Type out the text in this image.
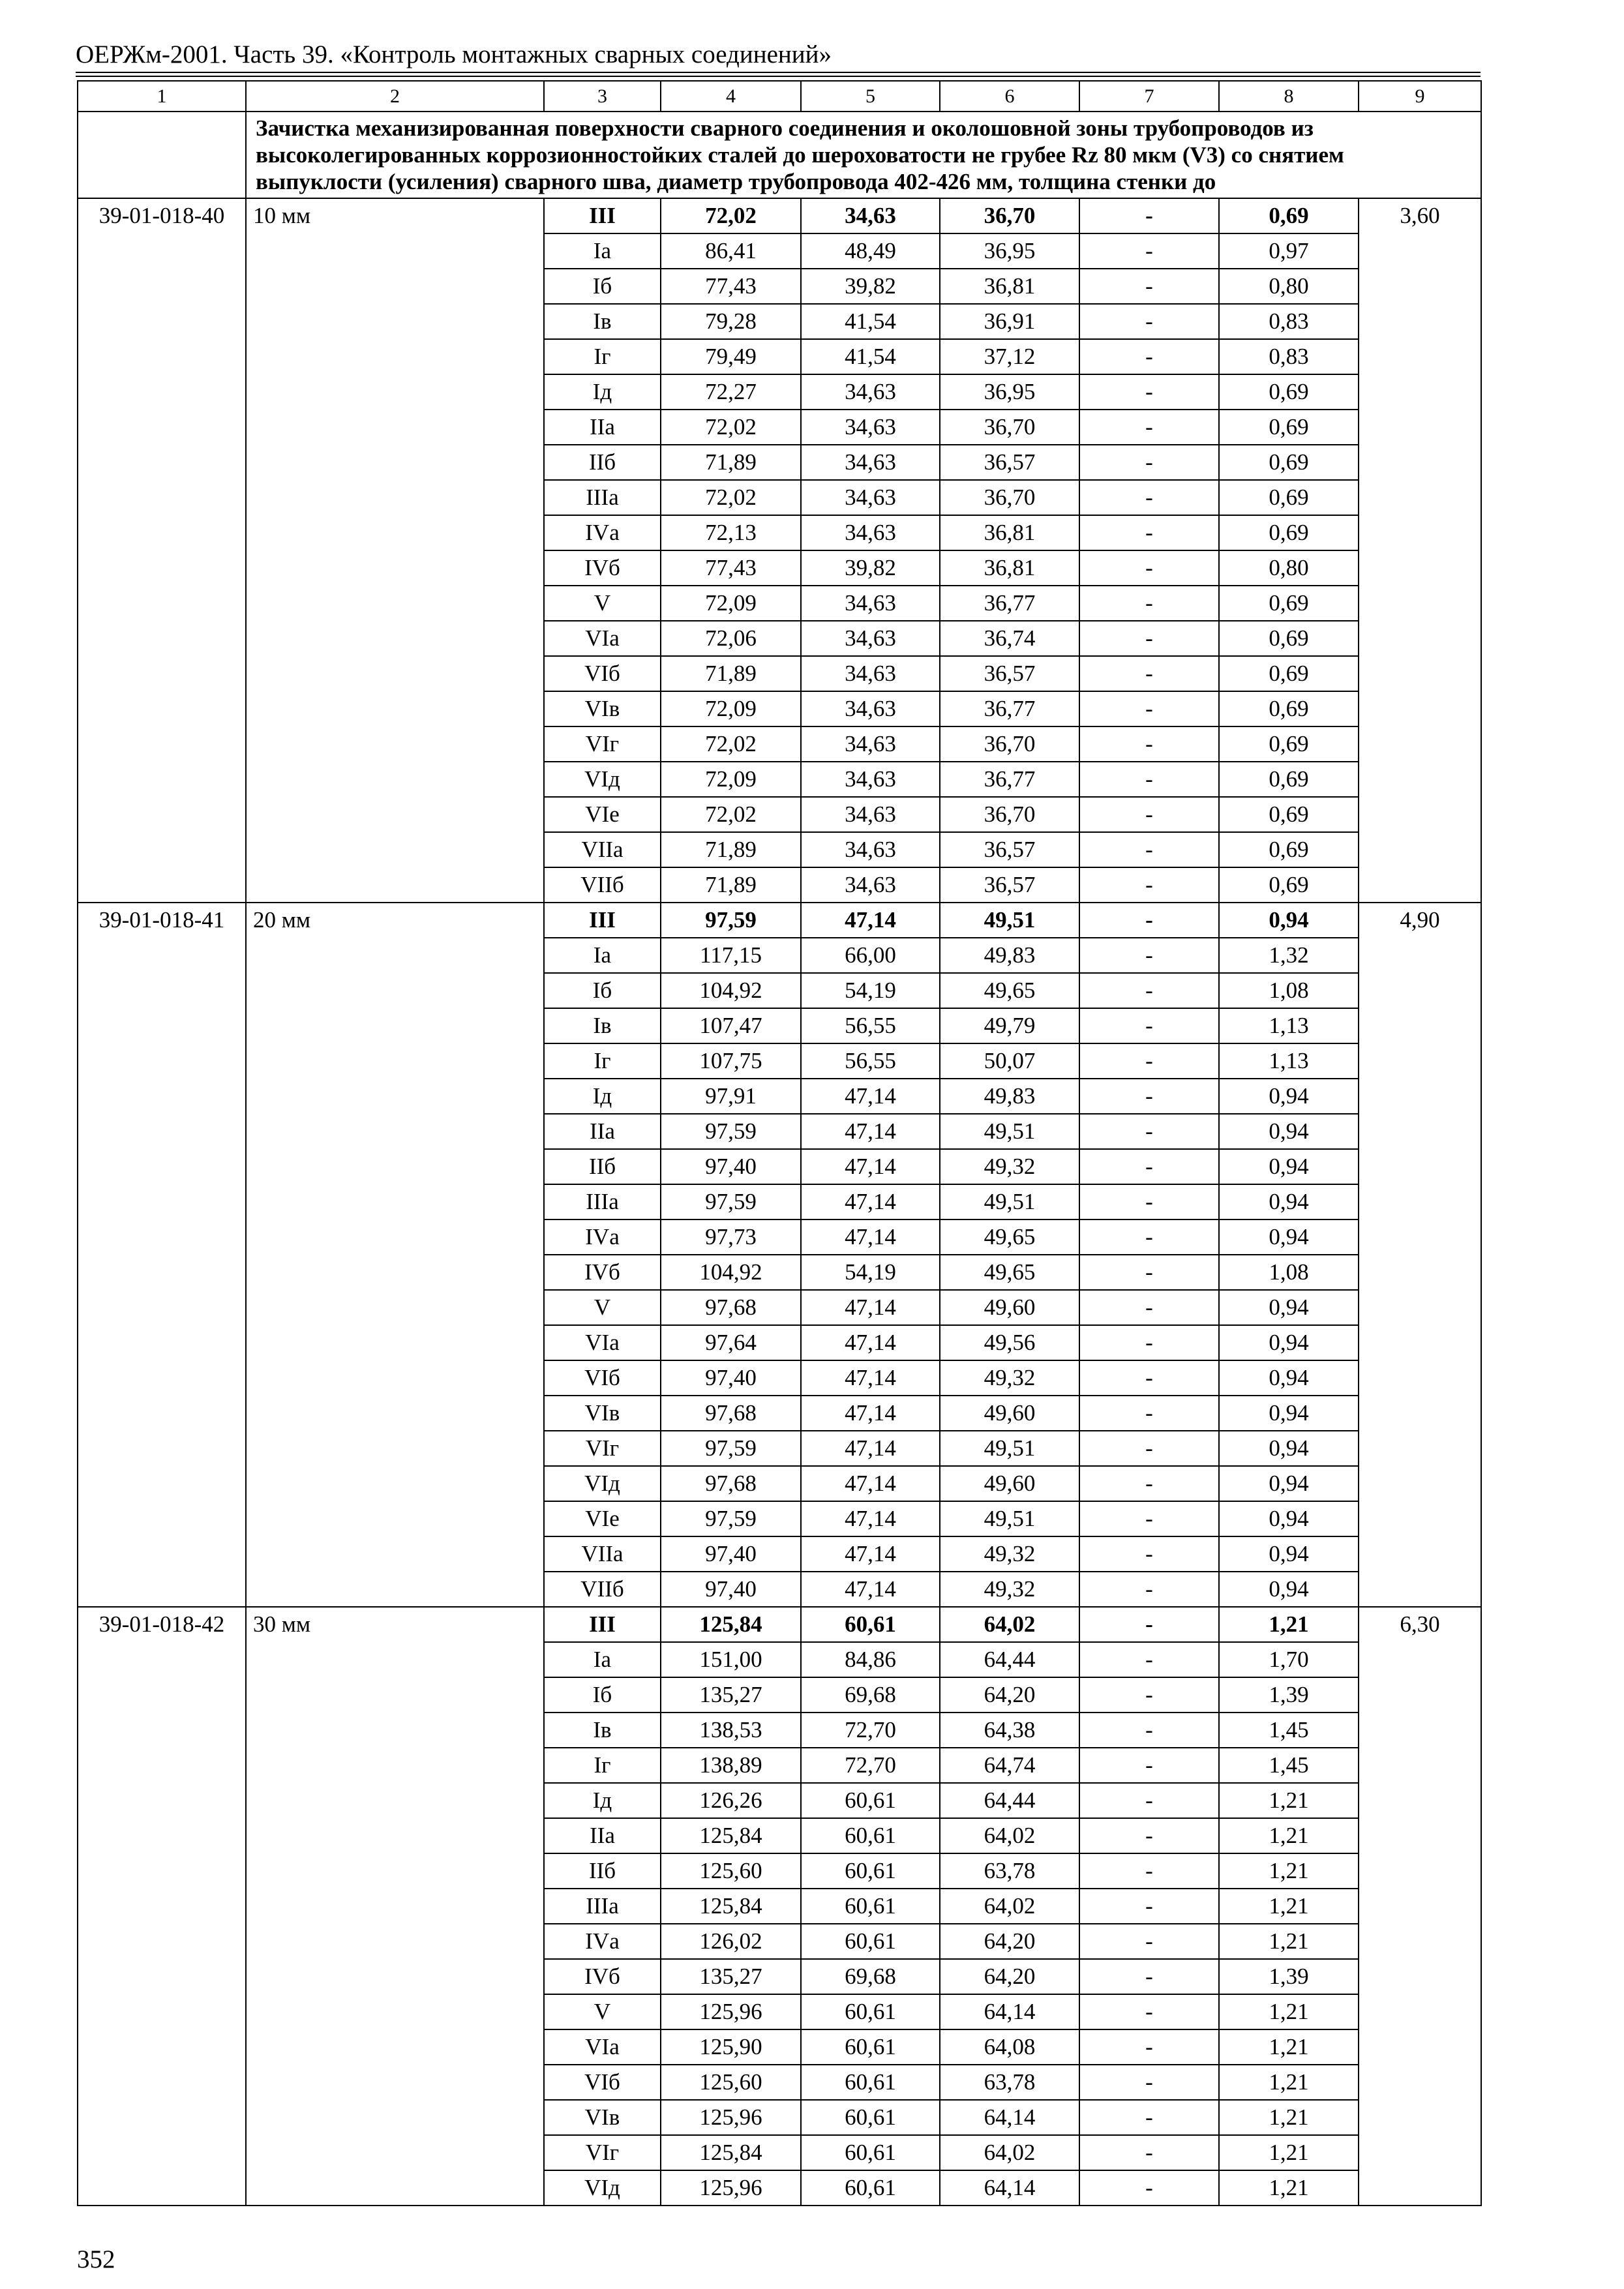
ОЕРЖм-2001. Часть 39. «Контроль монтажных сварных соединений»
1	2	3	4	5	6	7	8	9
	Зачистка механизированная поверхности сварного соединения и околошовной зоны трубопроводов из высоколегированных коррозионностойких сталей до шероховатости не грубее Rz 80 мкм (V3) со снятием выпуклости (усиления) сварного шва, диаметр трубопровода 402-426 мм, толщина стенки до							
39-01-018-40	10 мм	III	72,02	34,63	36,70	-	0,69	3,60
		Iа	86,41	48,49	36,95	-	0,97	
		Iб	77,43	39,82	36,81	-	0,80	
		Iв	79,28	41,54	36,91	-	0,83	
		Iг	79,49	41,54	37,12	-	0,83	
		Iд	72,27	34,63	36,95	-	0,69	
		IIа	72,02	34,63	36,70	-	0,69	
		IIб	71,89	34,63	36,57	-	0,69	
		IIIа	72,02	34,63	36,70	-	0,69	
		IVа	72,13	34,63	36,81	-	0,69	
		IVб	77,43	39,82	36,81	-	0,80	
		V	72,09	34,63	36,77	-	0,69	
		VIа	72,06	34,63	36,74	-	0,69	
		VIб	71,89	34,63	36,57	-	0,69	
		VIв	72,09	34,63	36,77	-	0,69	
		VIг	72,02	34,63	36,70	-	0,69	
		VIд	72,09	34,63	36,77	-	0,69	
		VIе	72,02	34,63	36,70	-	0,69	
		VIIа	71,89	34,63	36,57	-	0,69	
		VIIб	71,89	34,63	36,57	-	0,69	
39-01-018-41	20 мм	III	97,59	47,14	49,51	-	0,94	4,90
		Iа	117,15	66,00	49,83	-	1,32	
		Iб	104,92	54,19	49,65	-	1,08	
		Iв	107,47	56,55	49,79	-	1,13	
		Iг	107,75	56,55	50,07	-	1,13	
		Iд	97,91	47,14	49,83	-	0,94	
		IIа	97,59	47,14	49,51	-	0,94	
		IIб	97,40	47,14	49,32	-	0,94	
		IIIа	97,59	47,14	49,51	-	0,94	
		IVа	97,73	47,14	49,65	-	0,94	
		IVб	104,92	54,19	49,65	-	1,08	
		V	97,68	47,14	49,60	-	0,94	
		VIа	97,64	47,14	49,56	-	0,94	
		VIб	97,40	47,14	49,32	-	0,94	
		VIв	97,68	47,14	49,60	-	0,94	
		VIг	97,59	47,14	49,51	-	0,94	
		VIд	97,68	47,14	49,60	-	0,94	
		VIе	97,59	47,14	49,51	-	0,94	
		VIIа	97,40	47,14	49,32	-	0,94	
		VIIб	97,40	47,14	49,32	-	0,94	
39-01-018-42	30 мм	III	125,84	60,61	64,02	-	1,21	6,30
		Iа	151,00	84,86	64,44	-	1,70	
		Iб	135,27	69,68	64,20	-	1,39	
		Iв	138,53	72,70	64,38	-	1,45	
		Iг	138,89	72,70	64,74	-	1,45	
		Iд	126,26	60,61	64,44	-	1,21	
		IIа	125,84	60,61	64,02	-	1,21	
		IIб	125,60	60,61	63,78	-	1,21	
		IIIа	125,84	60,61	64,02	-	1,21	
		IVа	126,02	60,61	64,20	-	1,21	
		IVб	135,27	69,68	64,20	-	1,39	
		V	125,96	60,61	64,14	-	1,21	
		VIа	125,90	60,61	64,08	-	1,21	
		VIб	125,60	60,61	63,78	-	1,21	
		VIв	125,96	60,61	64,14	-	1,21	
		VIг	125,84	60,61	64,02	-	1,21	
		VIд	125,96	60,61	64,14	-	1,21	
352
